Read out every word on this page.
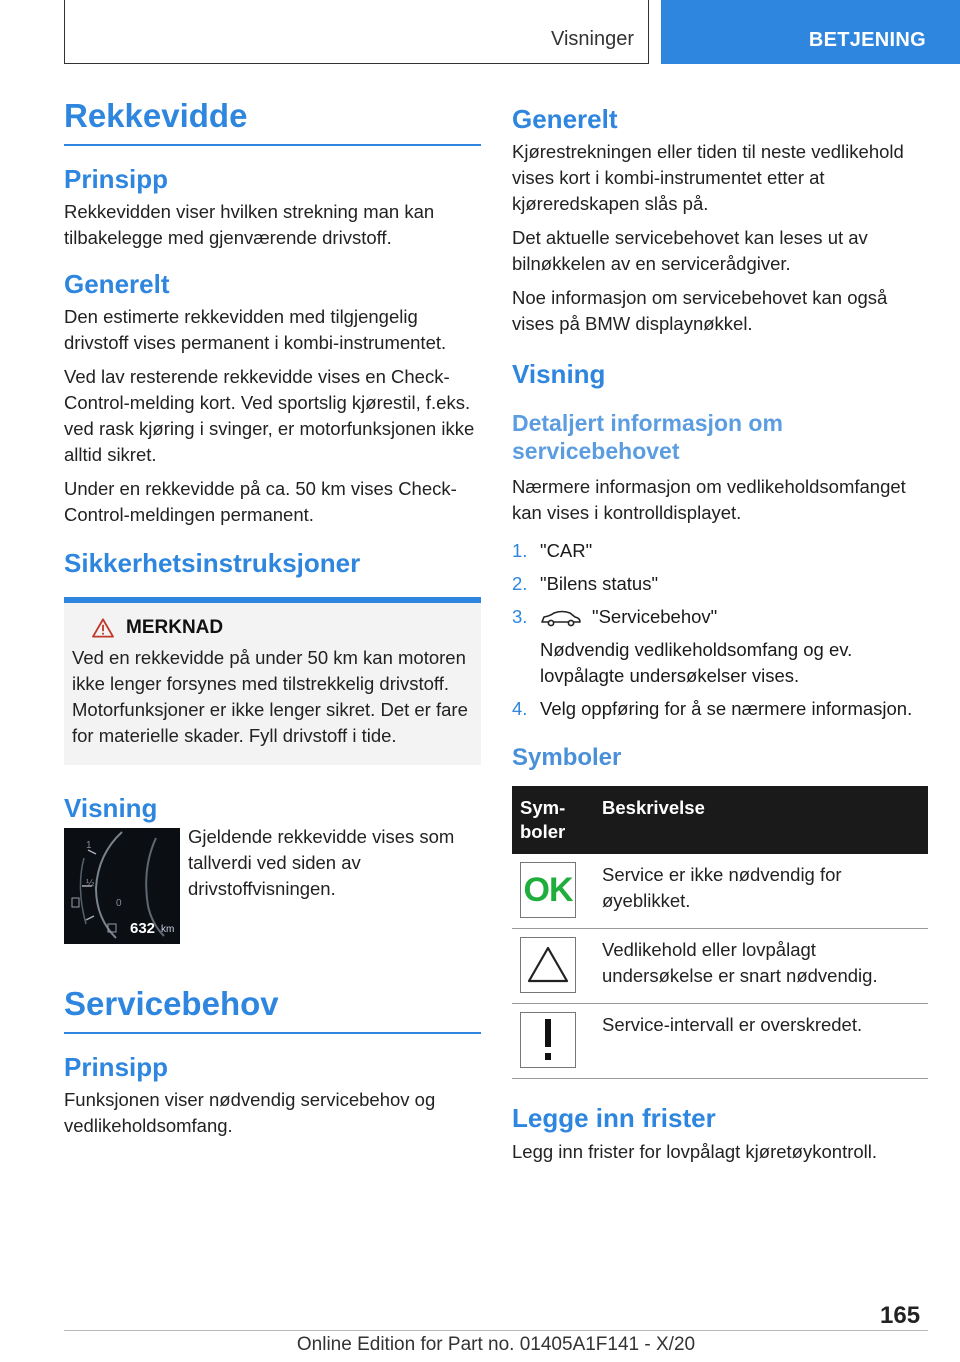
Visninger	BETJENING
Rekkevidde
Prinsipp

Rekkevidden viser hvilken strekning man kan tilbakelegge med gjenværende drivstoff.

Generelt

Den estimerte rekkevidden med tilgjengelig drivstoff vises permanent i kombi-instrumentet.

Ved lav resterende rekkevidde vises en Check-Control-melding kort. Ved sportslig kjørestil, f.eks. ved rask kjøring i svinger, er motorfunksjonen ikke alltid sikret.

Under en rekkevidde på ca. 50 km vises Check-Control-meldingen permanent.

Sikkerhetsinstruksjoner
MERKNAD

Ved en rekkevidde på under 50 km kan motoren ikke lenger forsynes med tilstrekkelig drivstoff. Motorfunksjoner er ikke lenger sikret. Det er fare for materielle skader. Fyll drivstoff i tide.

Visning
1
½
0
632 km
Gjeldende rekkevidde vises som tallverdi ved siden av drivstoffvisningen.
Servicebehov
Prinsipp

Funksjonen viser nødvendig servicebehov og vedlikeholdsomfang.

Generelt

Kjørestrekningen eller tiden til neste vedlikehold vises kort i kombi-instrumentet etter at kjøreredskapen slås på.

Det aktuelle servicebehovet kan leses ut av bilnøkkelen av en servicerådgiver.

Noe informasjon om servicebehovet kan også vises på BMW displaynøkkel.

Visning
Detaljert informasjon om servicebehovet

Nærmere informasjon om vedlikeholdsomfanget kan vises i kontrolldisplayet.

1. "CAR"
2. "Bilens status"
3.	"Servicebehov"

Nødvendig vedlikeholdsomfang og ev. lovpålagte undersøkelser vises.
4. Velg oppføring for å se nærmere informasjon.
Symboler
Symboler	Beskrivelse

OK	Service er ikke nødvendig for øyeblikket.

	Vedlikehold eller lovpålagt undersøkelse er snart nødvendig.

	Service-intervall er overskredet.
Legge inn frister

Legg inn frister for lovpålagt kjøretøykontroll.

165
Online Edition for Part no. 01405A1F141 - X/20
